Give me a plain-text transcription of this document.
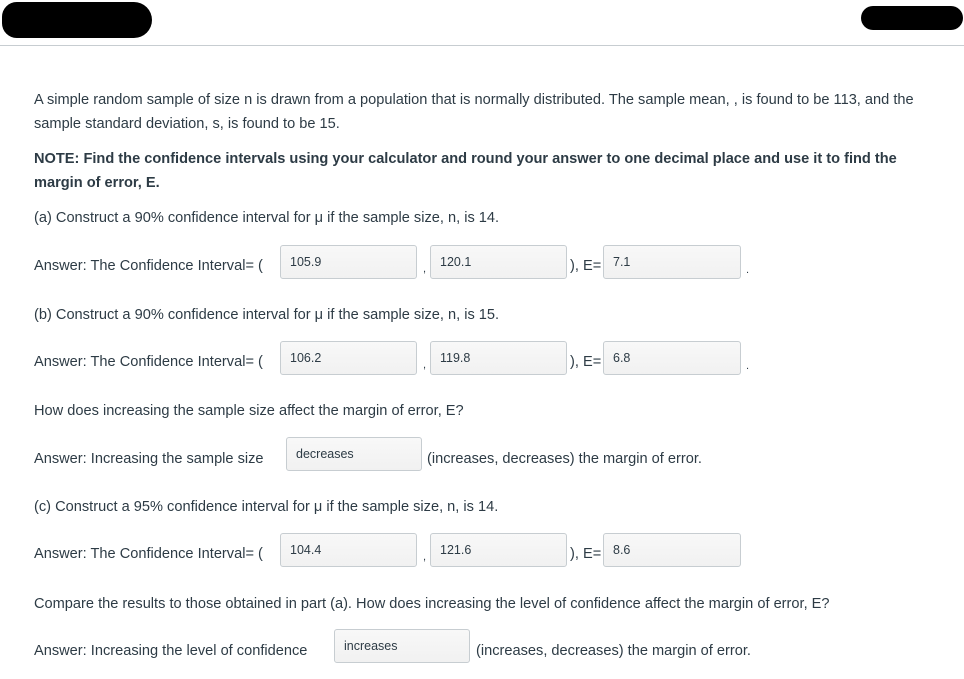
A simple random sample of size n is drawn from a population that is normally distributed. The sample mean, , is found to be 113, and the sample standard deviation, s, is found to be 15.

NOTE: Find the confidence intervals using your calculator and round your answer to one decimal place and use it to find the margin of error, E.

(a) Construct a 90% confidence interval for μ if the sample size, n, is 14.
Answer: The Confidence Interval= (	105.9	,	120.1	), E= 7.1
.
(b) Construct a 90% confidence interval for μ if the sample size, n, is 15.
Answer: The Confidence Interval= (	106.2	,	119.8	), E= 6.8
.
How does increasing the sample size affect the margin of error, E?
Answer: Increasing the sample size	decreases	(increases, decreases) the margin of error.
(c) Construct a 95% confidence interval for μ if the sample size, n, is 14.
Answer: The Confidence Interval= (	104.4	,	121.6	), E= 8.6
Compare the results to those obtained in part (a). How does increasing the level of confidence affect the margin of error, E?
Answer: Increasing the level of confidence	increases	(increases, decreases) the margin of error.
